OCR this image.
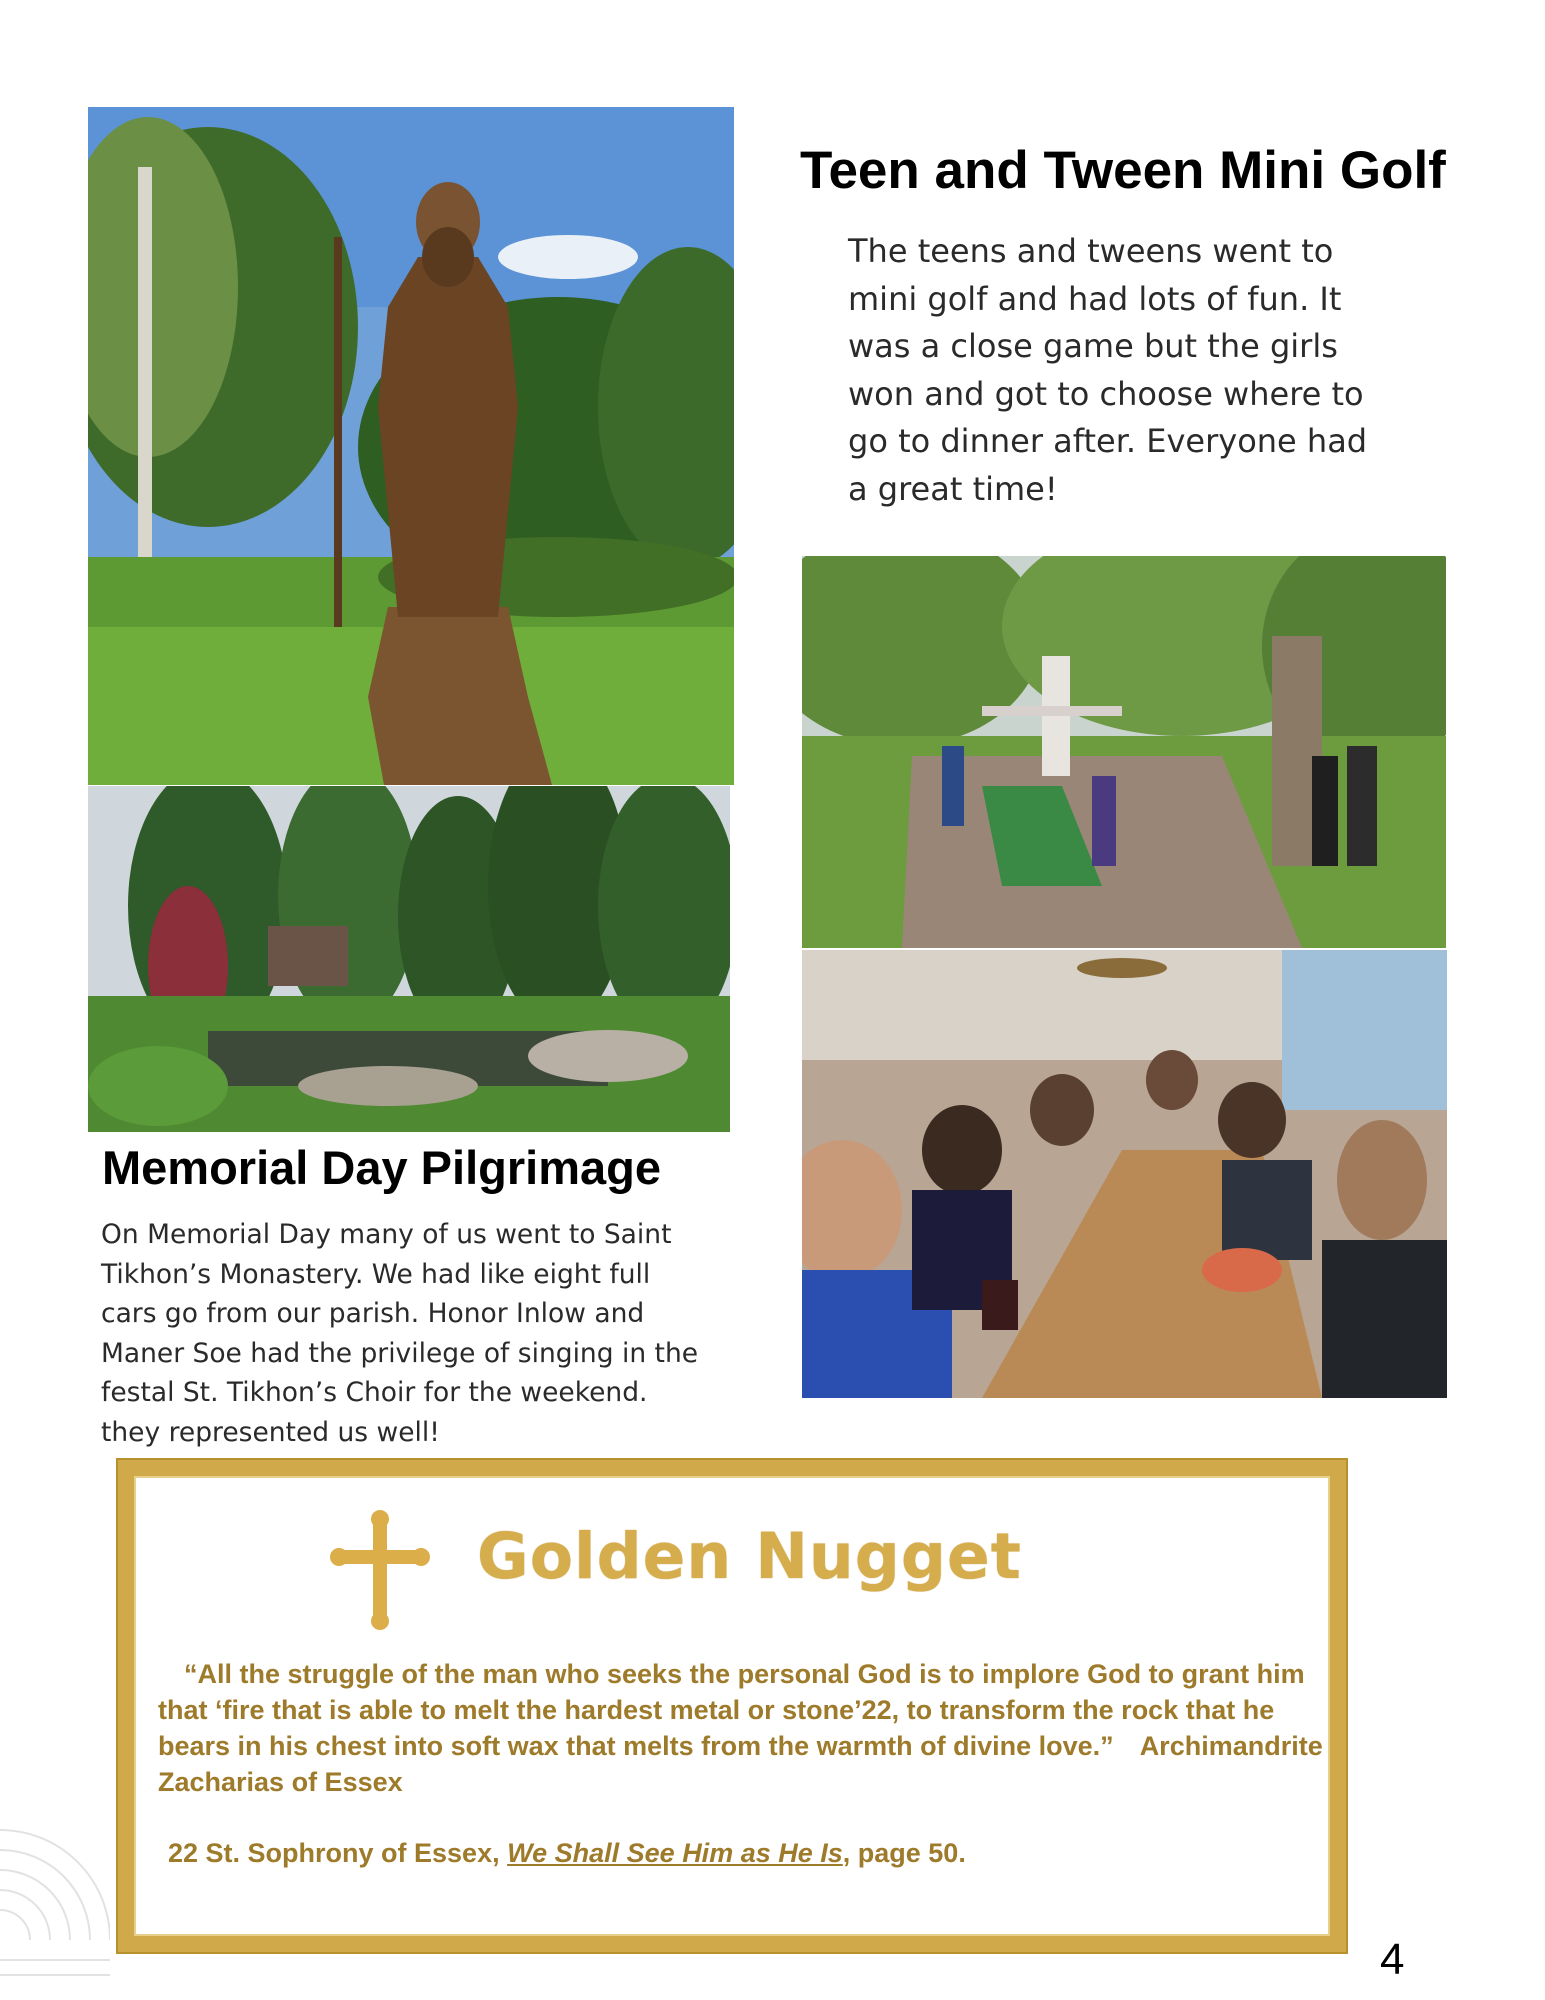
Teen and Tween Mini Golf
The teens and tweens went to
mini golf and had lots of fun. It
was a close game but the girls
won and got to choose where to
go to dinner after. Everyone had
a great time!
Memorial Day Pilgrimage
On Memorial Day many of us went to Saint
Tikhon’s Monastery. We had like eight full
cars go from our parish. Honor Inlow and
Maner Soe had the privilege of singing in the
festal St. Tikhon’s Choir for the weekend.
they represented us well!
Golden Nugget
“All the struggle of the man who seeks the personal God is to implore God to grant him that ‘fire that is able to melt the hardest metal or stone’22, to transform the rock that he bears in his chest into soft wax that melts from the warmth of divine love.” Archimandrite Zacharias of Essex
22 St. Sophrony of Essex, We Shall See Him as He Is, page 50.
4
